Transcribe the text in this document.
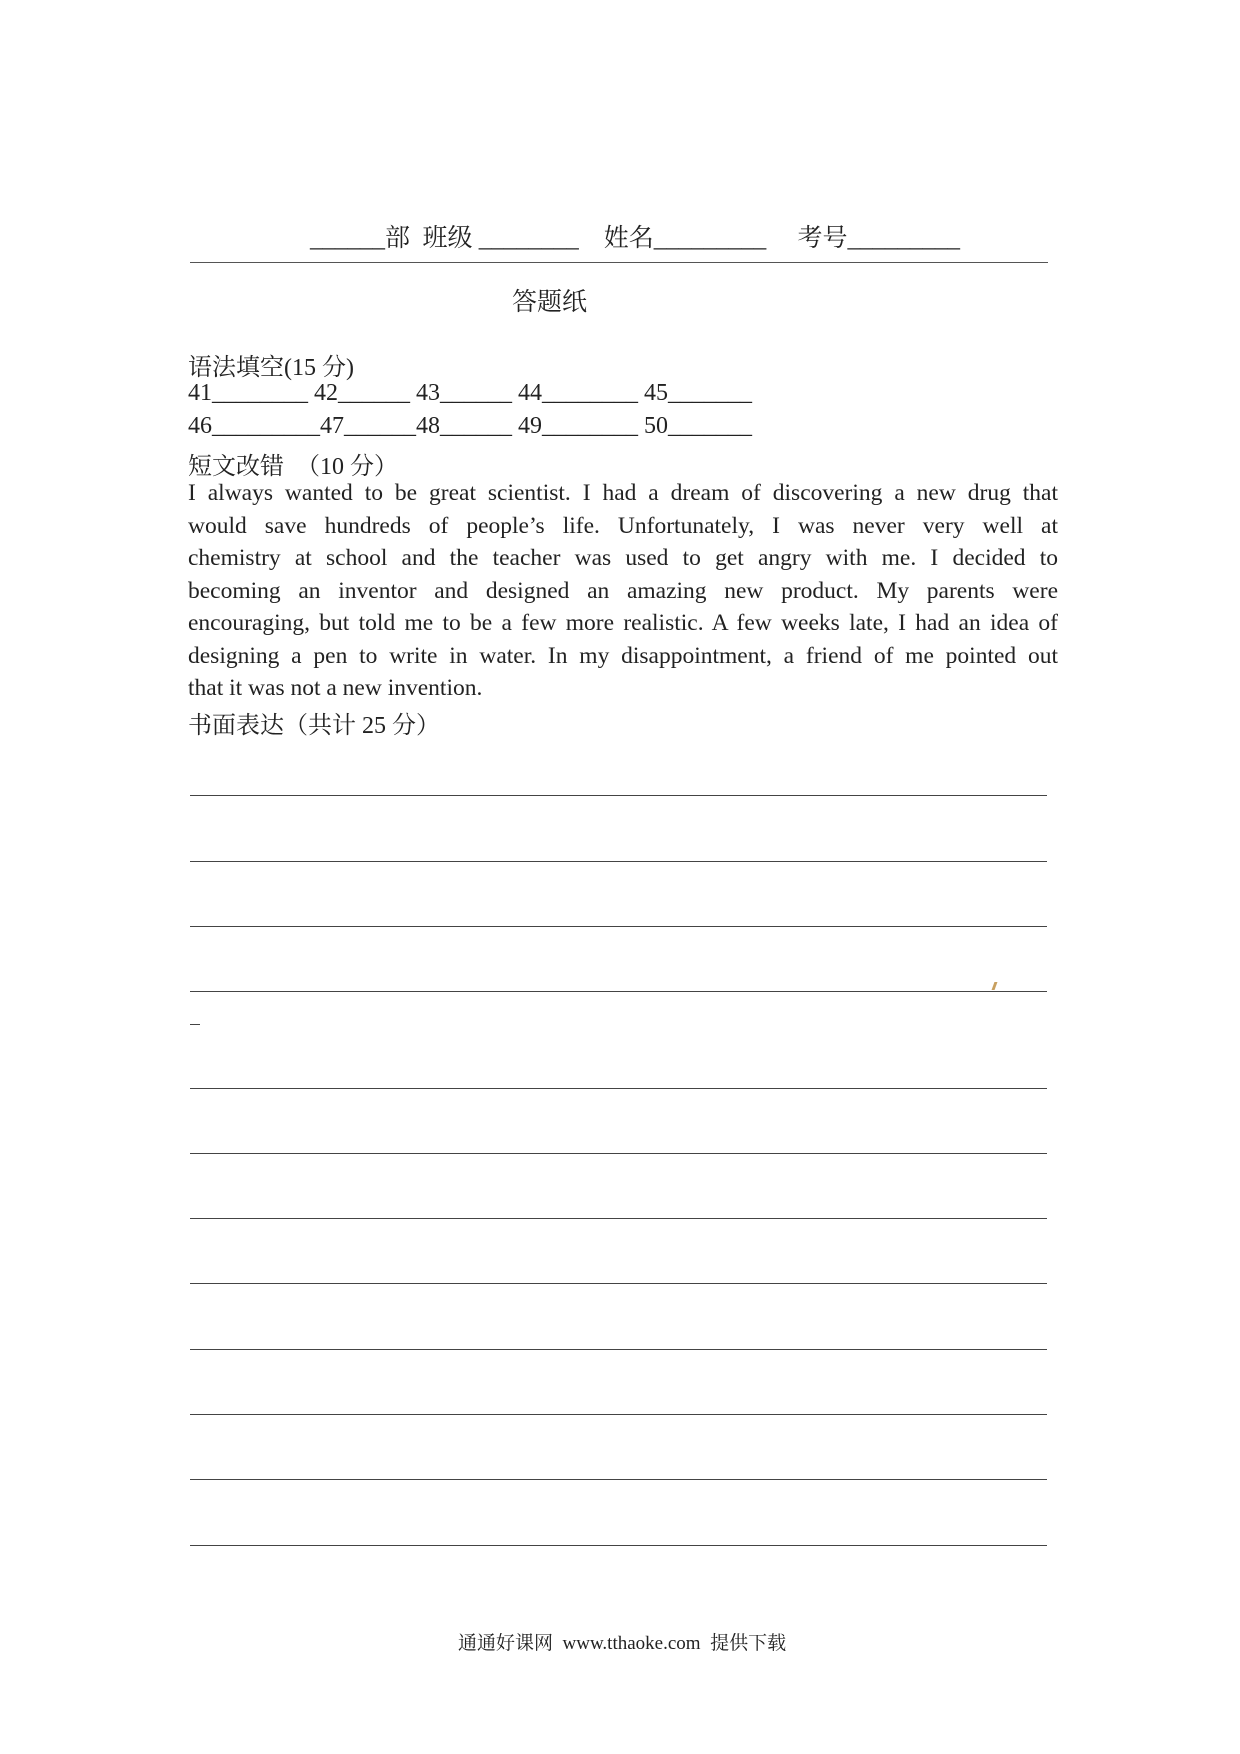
______部  班级 ________    姓名_________     考号_________
答题纸
语法填空(15 分)
41________ 42______ 43______ 44________ 45_______
46_________47______48______ 49________ 50_______
短文改错  （10 分）
I always wanted to be great scientist. I had a dream of discovering a new drug that
would save hundreds of people’s life. Unfortunately, I was never very well at
chemistry at school and the teacher was used to get angry with me. I decided to
becoming an inventor and designed an amazing new product. My parents were
encouraging, but told me to be a few more realistic. A few weeks late, I had an idea of
designing a pen to write in water. In my disappointment, a friend of me pointed out
that it was not a new invention.
书面表达（共计 25 分）
通通好课网  www.tthaoke.com  提供下载
